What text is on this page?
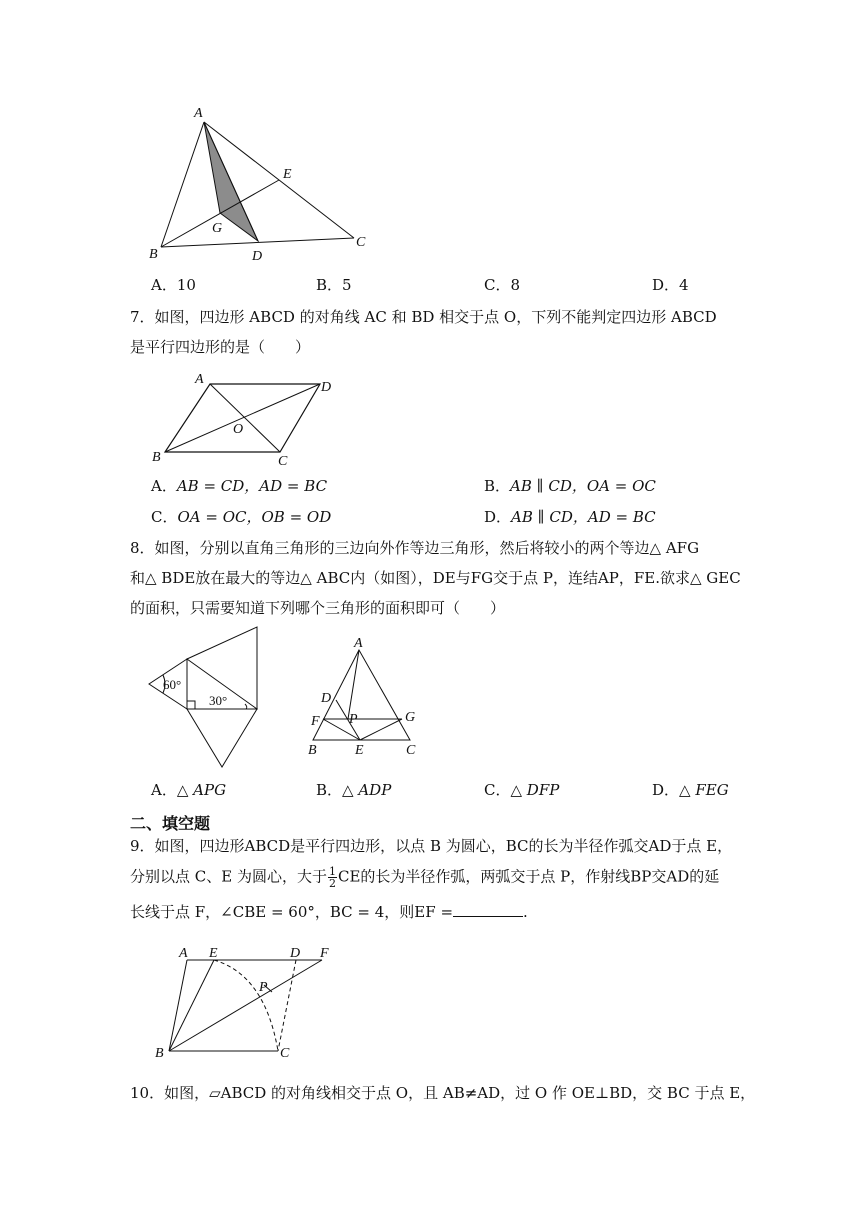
A
B
C
D
E
G
A．10	B．5	C．8	D．4
7．如图，四边形 ABCD 的对角线 AC 和 BD 相交于点 O，下列不能判定四边形 ABCD
是平行四边形的是（　　）
A
D
B	C
O
A．AB = CD，AD = BC	B．AB ∥ CD，OA = OC
C．OA = OC，OB = OD	D．AB ∥ CD，AD = BC
8．如图，分别以直角三角形的三边向外作等边三角形，然后将较小的两个等边△ AFG
和△ BDE放在最大的等边△ ABC内（如图），DE与FG交于点 P，连结AP，FE.欲求△ GEC
的面积，只需要知道下列哪个三角形的面积即可（　　）
60°
30°
A
D
P
F	G
B	E	C
A．△ APG	B．△ ADP	C．△ DFP	D．△ FEG
二、填空题
9．如图，四边形ABCD是平行四边形，以点 B 为圆心，BC的长为半径作弧交AD于点 E，
分别以点 C、E 为圆心，大于 $\frac{1}{2}$ CE的长为半径作弧，两弧交于点 P，作射线BP交AD的延
长线于点 F，∠CBE = 60°，BC = 4，则EF =	.
A E	D F
P
B	C
10．如图，▱ABCD 的对角线相交于点 O，且 AB≠AD，过 O 作 OE⊥BD，交 BC 于点 E，
